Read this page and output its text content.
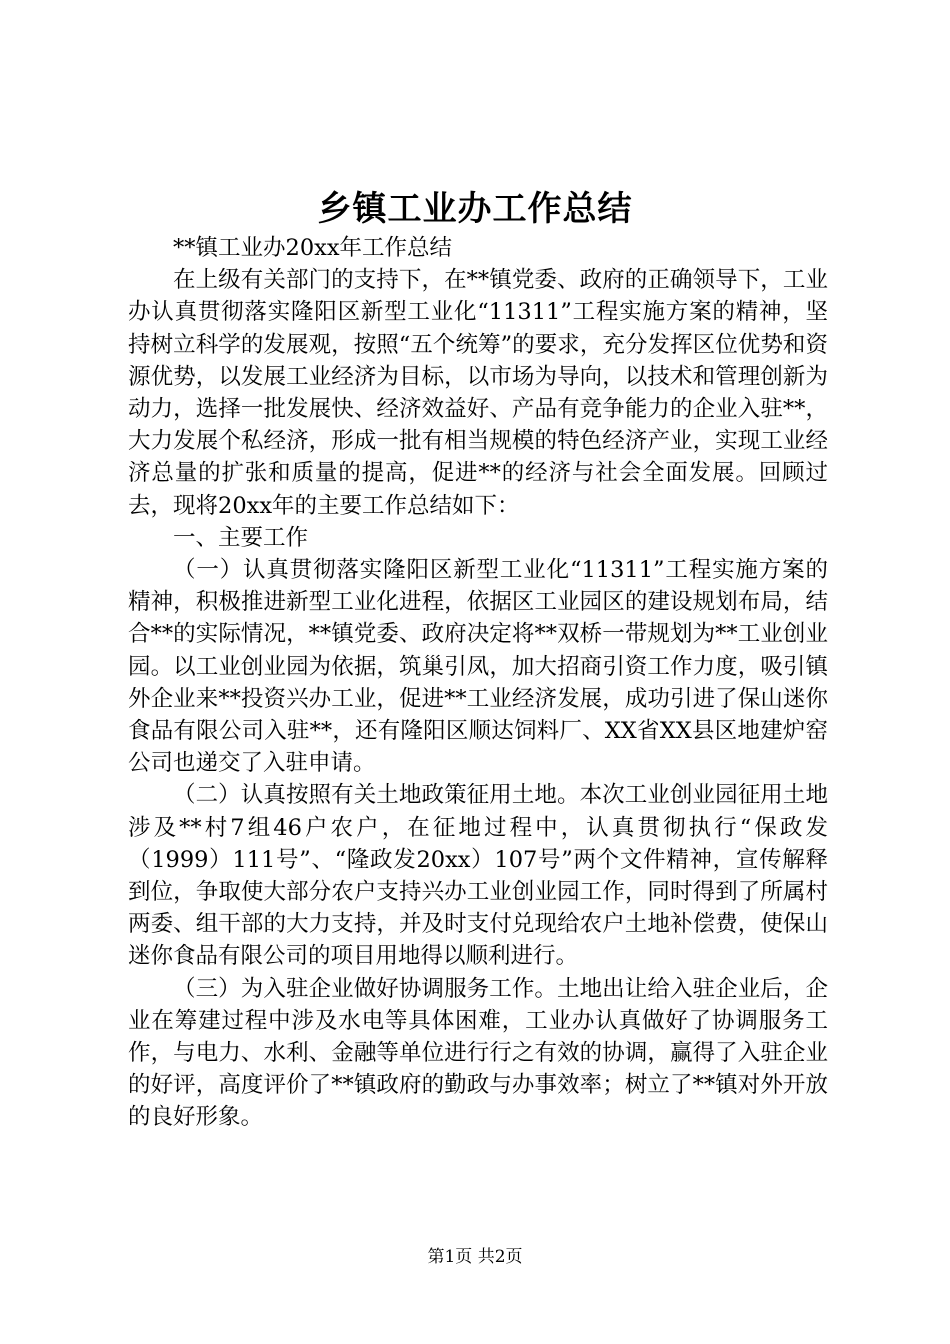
乡镇工业办工作总结

**镇工业办20xx年工作总结

在上级有关部门的支持下，在**镇党委、政府的正确领导下，工业办认真贯彻落实隆阳区新型工业化“11311”工程实施方案的精神，坚持树立科学的发展观，按照“五个统筹”的要求，充分发挥区位优势和资源优势，以发展工业经济为目标，以市场为导向，以技术和管理创新为动力，选择一批发展快、经济效益好、产品有竞争能力的企业入驻**，大力发展个私经济，形成一批有相当规模的特色经济产业，实现工业经济总量的扩张和质量的提高，促进**的经济与社会全面发展。回顾过去，现将20xx年的主要工作总结如下：

一、主要工作

（一）认真贯彻落实隆阳区新型工业化“11311”工程实施方案的精神，积极推进新型工业化进程，依据区工业园区的建设规划布局，结合**的实际情况，**镇党委、政府决定将**双桥一带规划为**工业创业园。以工业创业园为依据，筑巢引凤，加大招商引资工作力度，吸引镇外企业来**投资兴办工业，促进**工业经济发展，成功引进了保山迷你食品有限公司入驻**，还有隆阳区顺达饲料厂、XX省XX县区地建炉窑公司也递交了入驻申请。

（二）认真按照有关土地政策征用土地。本次工业创业园征用土地涉及**村7组46户农户，在征地过程中，认真贯彻执行“保政发（1999）111号”、“隆政发20xx）107号”两个文件精神，宣传解释到位，争取使大部分农户支持兴办工业创业园工作，同时得到了所属村两委、组干部的大力支持，并及时支付兑现给农户土地补偿费，使保山迷你食品有限公司的项目用地得以顺利进行。

（三）为入驻企业做好协调服务工作。土地出让给入驻企业后，企业在筹建过程中涉及水电等具体困难，工业办认真做好了协调服务工作，与电力、水利、金融等单位进行行之有效的协调，赢得了入驻企业的好评，高度评价了**镇政府的勤政与办事效率；树立了**镇对外开放的良好形象。

第1页 共2页
